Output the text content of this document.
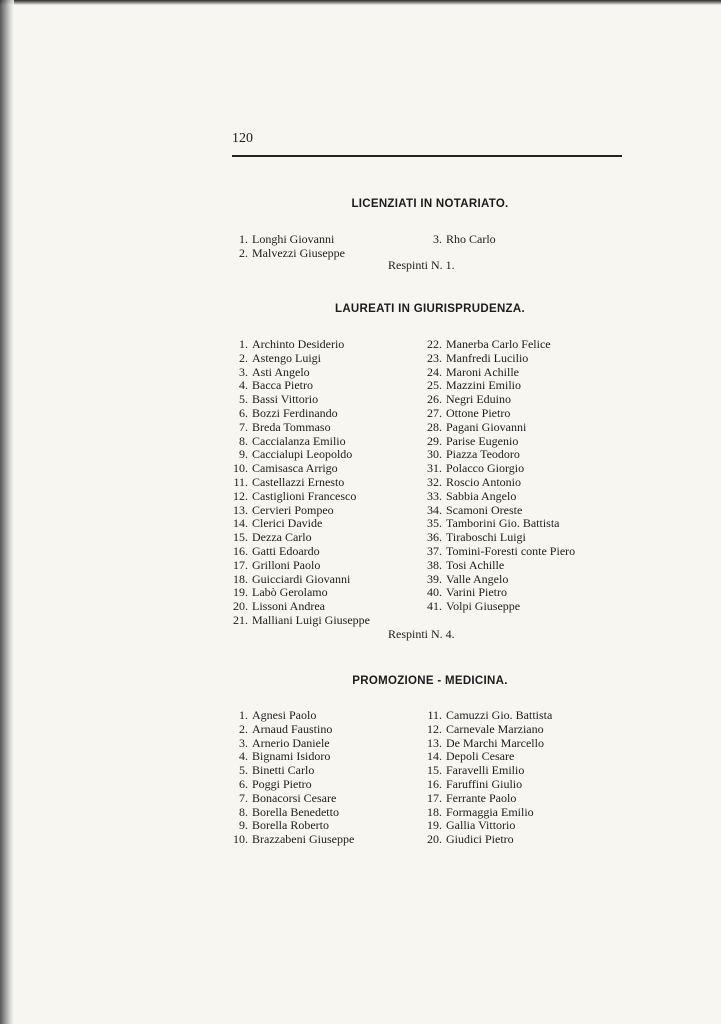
120
LICENZIATI IN NOTARIATO.
1. Longhi Giovanni
2. Malvezzi Giuseppe
3. Rho Carlo
Respinti N. 1.
LAUREATI IN GIURISPRUDENZA.
1. Archinto Desiderio
2. Astengo Luigi
3. Asti Angelo
4. Bacca Pietro
5. Bassi Vittorio
6. Bozzi Ferdinando
7. Breda Tommaso
8. Caccialanza Emilio
9. Caccialupi Leopoldo
10. Camisasca Arrigo
11. Castellazzi Ernesto
12. Castiglioni Francesco
13. Cervieri Pompeo
14. Clerici Davide
15. Dezza Carlo
16. Gatti Edoardo
17. Grilloni Paolo
18. Guicciardi Giovanni
19. Labò Gerolamo
20. Lissoni Andrea
21. Malliani Luigi Giuseppe
22. Manerba Carlo Felice
23. Manfredi Lucilio
24. Maroni Achille
25. Mazzini Emilio
26. Negri Eduino
27. Ottone Pietro
28. Pagani Giovanni
29. Parise Eugenio
30. Piazza Teodoro
31. Polacco Giorgio
32. Roscio Antonio
33. Sabbia Angelo
34. Scamoni Oreste
35. Tamborini Gio. Battista
36. Tiraboschi Luigi
37. Tomini-Foresti conte Piero
38. Tosi Achille
39. Valle Angelo
40. Varini Pietro
41. Volpi Giuseppe
Respinti N. 4.
PROMOZIONE - MEDICINA.
1. Agnesi Paolo
2. Arnaud Faustino
3. Arnerio Daniele
4. Bignami Isidoro
5. Binetti Carlo
6. Poggi Pietro
7. Bonacorsi Cesare
8. Borella Benedetto
9. Borella Roberto
10. Brazzabeni Giuseppe
11. Camuzzi Gio. Battista
12. Carnevale Marziano
13. De Marchi Marcello
14. Depoli Cesare
15. Faravelli Emilio
16. Faruffini Giulio
17. Ferrante Paolo
18. Formaggia Emilio
19. Gallia Vittorio
20. Giudici Pietro
